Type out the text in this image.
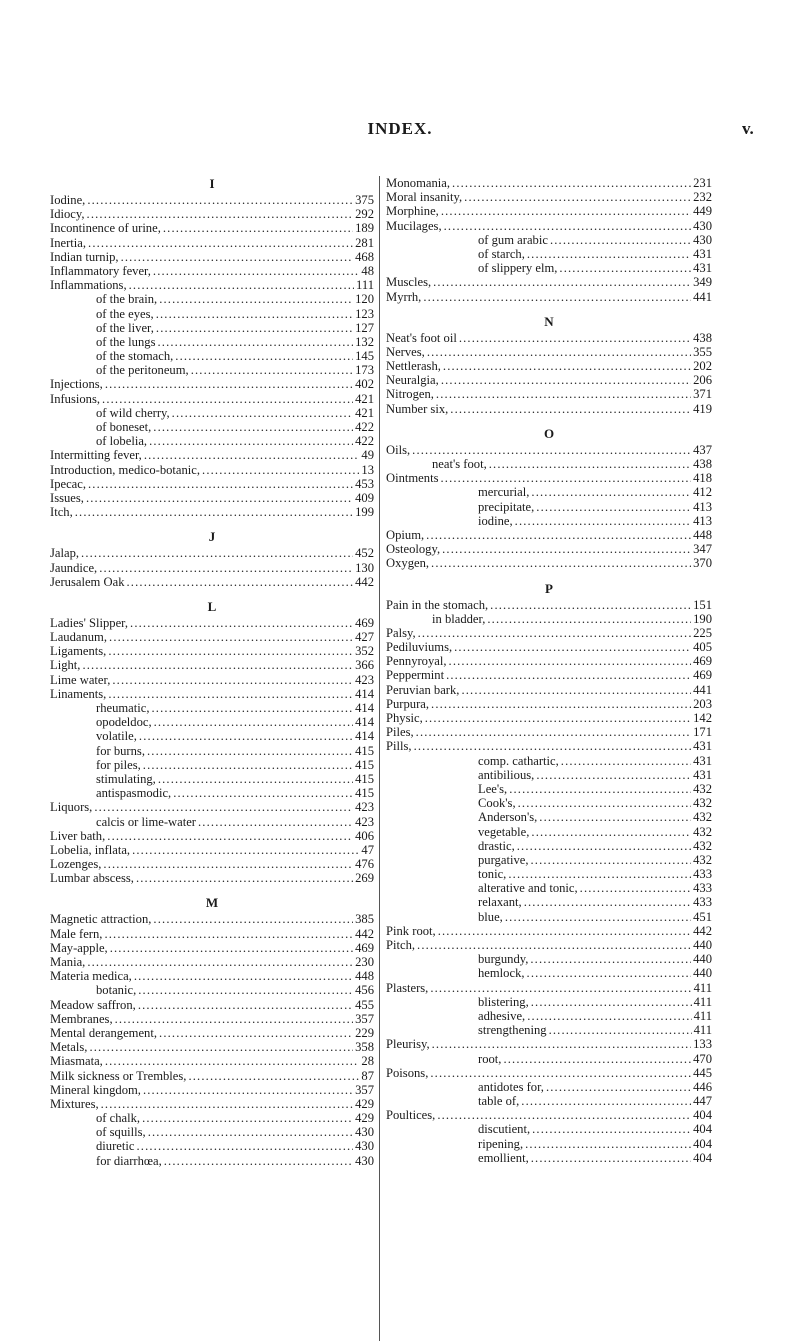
INDEX.	v.
I
Iodine, . . .	375
Idiocy, . . .	292
Incontinence of urine, . . .	189
Inertia, . . .	281
Indian turnip, . . .	468
Inflammatory fever, . . .	48
Inflammations, . . .	111
of the brain, . . .	120
of the eyes, . . .	123
of the liver, . . .	127
of the lungs . . .	132
of the stomach, . . .	145
of the peritoneum, . . .	173
Injections, . . .	402
Infusions, . . .	421
of wild cherry, . . .	421
of boneset, . . .	422
of lobelia, . . .	422
Intermitting fever, . . .	49
Introduction, medico-botanic, . . .	13
Ipecac, . . .	453
Issues, . . .	409
Itch, . . .	199
J
Jalap, . . .	452
Jaundice, . . .	130
Jerusalem Oak . . .	442
L
Ladies' Slipper, . . .	469
Laudanum, . . .	427
Ligaments, . . .	352
Light, . . .	366
Lime water, . . .	423
Linaments, . . .	414
rheumatic, . . .	414
opodeldoc, . . .	414
volatile, . . .	414
for burns, . . .	415
for piles, . . .	415
stimulating, . . .	415
antispasmodic, . . .	415
Liquors, . . .	423
calcis or lime-water . . .	423
Liver bath, . . .	406
Lobelia, inflata, . . .	47
Lozenges, . . .	476
Lumbar abscess, . . .	269
M
Magnetic attraction, . . .	385
Male fern, . . .	442
May-apple, . . .	469
Mania, . . .	230
Materia medica, . . .	448
botanic, . . .	456
Meadow saffron, . . .	455
Membranes, . . .	357
Mental derangement, . . .	229
Metals, . . .	358
Miasmata, . . .	28
Milk sickness or Trembles, . . .	87
Mineral kingdom, . . .	357
Mixtures, . . .	429
of chalk, . . .	429
of squills, . . .	430
diuretic . . .	430
for diarrhœa, . . .	430
Monomania, . . .	231
Moral insanity, . . .	232
Morphine, . . .	449
Mucilages, . . .	430
of gum arabic . . .	430
of starch, . . .	431
of slippery elm, . . .	431
Muscles, . . .	349
Myrrh, . . .	441
N
Neat's foot oil . . .	438
Nerves, . . .	355
Nettlerash, . . .	202
Neuralgia, . . .	206
Nitrogen, . . .	371
Number six, . . .	419
O
Oils, . . .	437
neat's foot, . . .	438
Ointments . . .	418
mercurial, . . .	412
precipitate, . . .	413
iodine, . . .	413
Opium, . . .	448
Osteology, . . .	347
Oxygen, . . .	370
P
Pain in the stomach, . . .	151
in bladder, . . .	190
Palsy, . . .	225
Pediluviums, . . .	405
Pennyroyal, . . .	469
Peppermint . . .	469
Peruvian bark, . . .	441
Purpura, . . .	203
Physic, . . .	142
Piles, . . .	171
Pills, . . .	431
comp. cathartic, . . .	431
antibilious, . . .	431
Lee's, . . .	432
Cook's, . . .	432
Anderson's, . . .	432
vegetable, . . .	432
drastic, . . .	432
purgative, . . .	432
tonic, . . .	433
alterative and tonic, . . .	433
relaxant, . . .	433
blue, . . .	451
Pink root, . . .	442
Pitch, . . .	440
burgundy, . . .	440
hemlock, . . .	440
Plasters, . . .	411
blistering, . . .	411
adhesive, . . .	411
strengthening . . .	411
Pleurisy, . . .	133
root, . . .	470
Poisons, . . .	445
antidotes for, . . .	446
table of, . . .	447
Poultices, . . .	404
discutient, . . .	404
ripening, . . .	404
emollient, . . .	404
